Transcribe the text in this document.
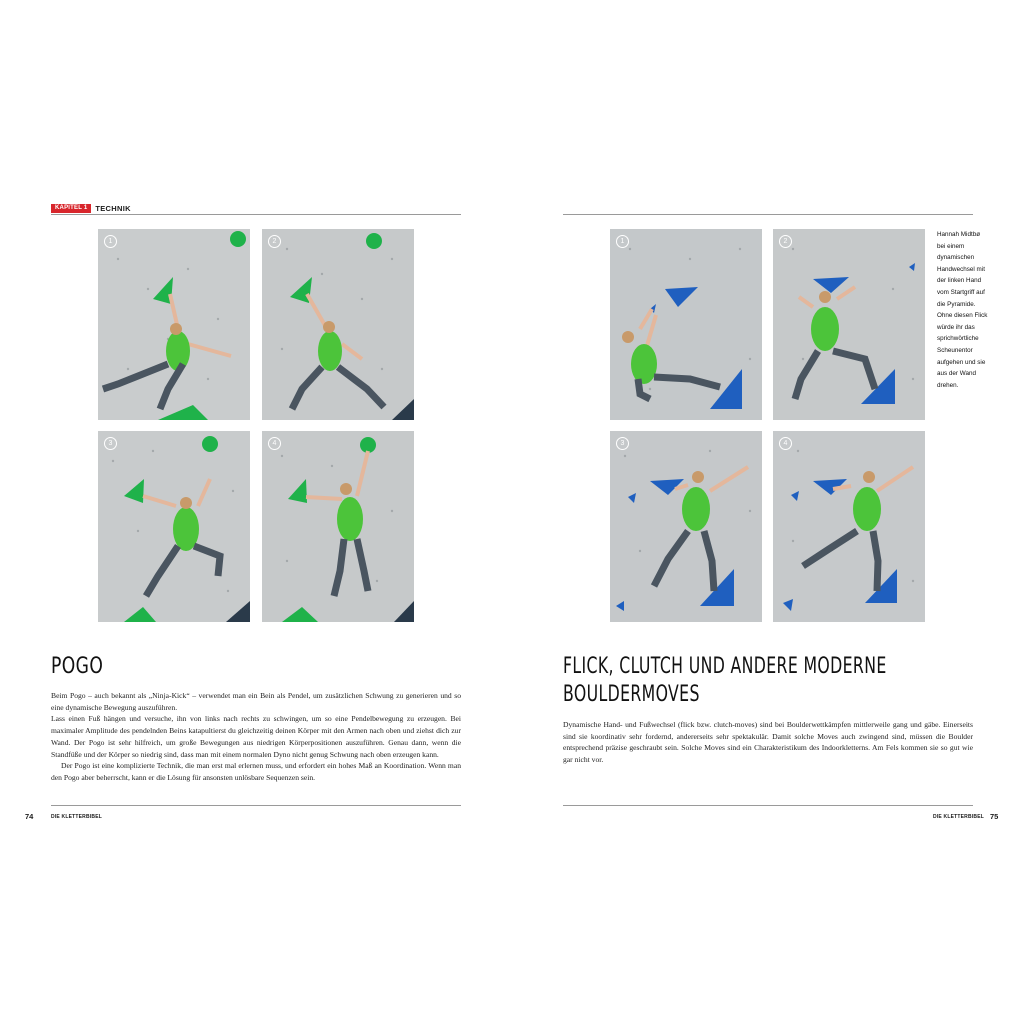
KAPITEL 1	TECHNIK
1	2
3	4
POGO

Beim Pogo – auch bekannt als „Ninja-Kick“ – verwendet man ein Bein als Pendel, um zusätzlichen Schwung zu generieren und so eine dynamische Bewegung auszuführen.

Lass einen Fuß hängen und versuche, ihn von links nach rechts zu schwingen, um so eine Pendelbewegung zu erzeugen. Bei maximaler Amplitude des pendelnden Beins katapultierst du gleichzeitig deinen Körper mit den Armen nach oben und ziehst dich zur Wand. Der Pogo ist sehr hilfreich, um große Bewegungen aus niedrigen Körperpositionen auszuführen. Genau dann, wenn die Standfüße und der Körper so niedrig sind, dass man mit einem normalen Dyno nicht genug Schwung nach oben erzeugen kann.

Der Pogo ist eine komplizierte Technik, die man erst mal erlernen muss, und erfordert ein hohes Maß an Koordination. Wenn man den Pogo aber beherrscht, kann er die Lösung für ansonsten unlösbare Sequenzen sein.

74	DIE KLETTERBIBEL
1	2
3	4
Hannah Midtbø bei einem dynamischen Handwechsel mit der linken Hand vom Startgriff auf die Pyramide. Ohne diesen Flick würde ihr das sprichwörtliche Scheunentor aufgehen und sie aus der Wand drehen.
FLICK, CLUTCH UND ANDERE MODERNE
BOULDERMOVES
Dynamische Hand- und Fußwechsel (flick bzw. clutch-moves) sind bei Boulderwettkämpfen mittlerweile gang und gäbe. Einerseits sind sie koordinativ sehr fordernd, andererseits sehr spektakulär. Damit solche Moves auch zwingend sind, müssen die Boulder entsprechend präzise geschraubt sein. Solche Moves sind ein Charakteristikum des Indoorkletterns. Am Fels kommen sie so gut wie gar nicht vor.
DIE KLETTERBIBEL 75
